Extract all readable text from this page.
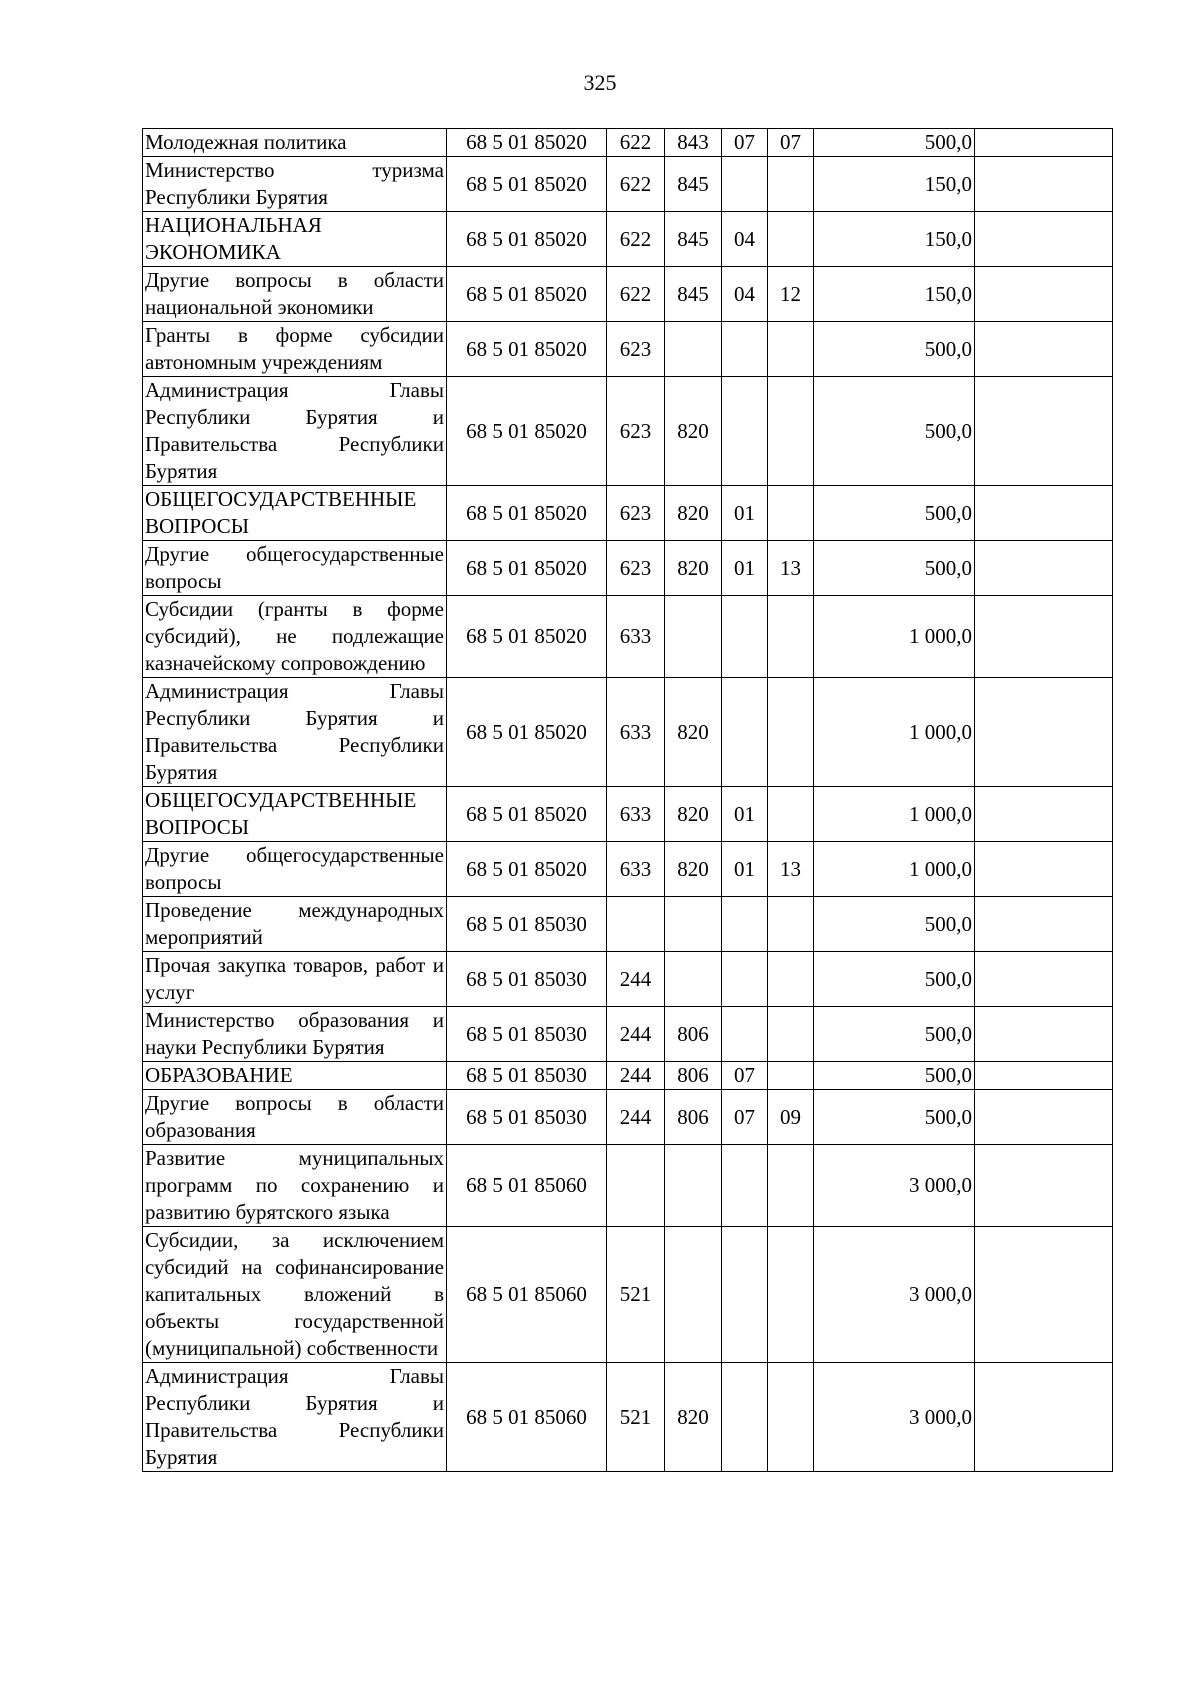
325
Молодежная политика	68 5 01 85020	622	843	07	07	500,0	
Министерство туризма Республики Бурятия	68 5 01 85020	622	845			150,0	
НАЦИОНАЛЬНАЯ ЭКОНОМИКА	68 5 01 85020	622	845	04		150,0	
Другие вопросы в области национальной экономики	68 5 01 85020	622	845	04	12	150,0	
Гранты в форме субсидии автономным учреждениям	68 5 01 85020	623				500,0	
Администрация Главы Республики Бурятия и Правительства Республики Бурятия	68 5 01 85020	623	820			500,0	
ОБЩЕГОСУДАРСТВЕННЫЕ ВОПРОСЫ	68 5 01 85020	623	820	01		500,0	
Другие общегосударственные вопросы	68 5 01 85020	623	820	01	13	500,0	
Субсидии (гранты в форме субсидий), не подлежащие казначейскому сопровождению	68 5 01 85020	633				1 000,0	
Администрация Главы Республики Бурятия и Правительства Республики Бурятия	68 5 01 85020	633	820			1 000,0	
ОБЩЕГОСУДАРСТВЕННЫЕ ВОПРОСЫ	68 5 01 85020	633	820	01		1 000,0	
Другие общегосударственные вопросы	68 5 01 85020	633	820	01	13	1 000,0	
Проведение международных мероприятий	68 5 01 85030					500,0	
Прочая закупка товаров, работ и услуг	68 5 01 85030	244				500,0	
Министерство образования и науки Республики Бурятия	68 5 01 85030	244	806			500,0	
ОБРАЗОВАНИЕ	68 5 01 85030	244	806	07		500,0	
Другие вопросы в области образования	68 5 01 85030	244	806	07	09	500,0	
Развитие муниципальных программ по сохранению и развитию бурятского языка	68 5 01 85060					3 000,0	
Субсидии, за исключением субсидий на софинансирование капитальных вложений в объекты государственной (муниципальной) собственности	68 5 01 85060	521				3 000,0	
Администрация Главы Республики Бурятия и Правительства Республики Бурятия	68 5 01 85060	521	820			3 000,0	
